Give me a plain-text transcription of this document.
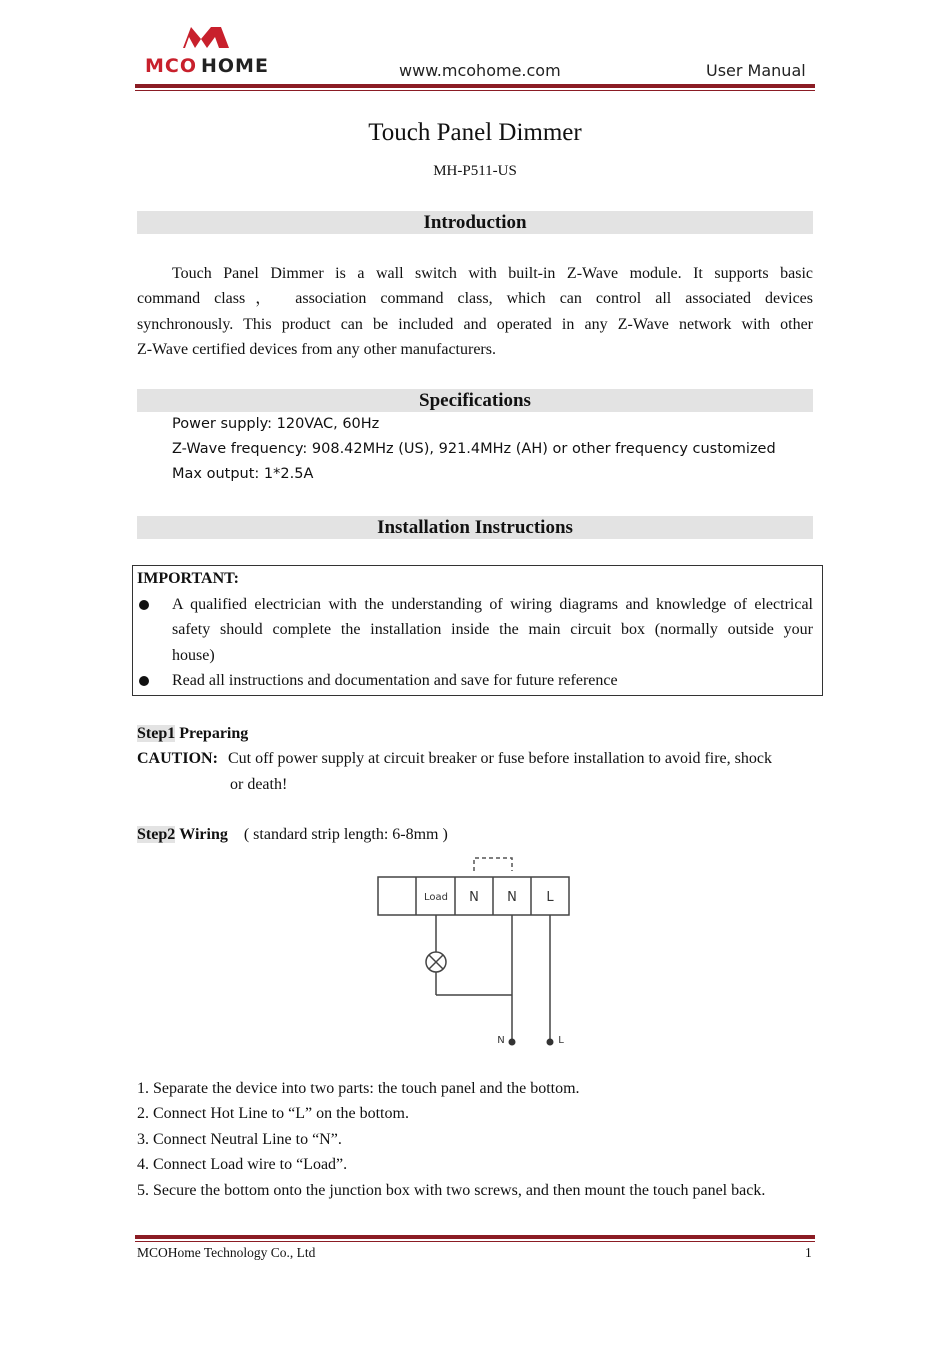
MCO HOME	www.mcohome.com	User Manual
Touch Panel Dimmer
MH-P511-US
Introduction
Touch Panel Dimmer is a wall switch with built-in Z-Wave module. It supports basic
command class， association command class, which can control all associated devices
synchronously. This product can be included and operated in any Z-Wave network with other
Z-Wave certified devices from any other manufacturers.
Specifications
Power supply: 120VAC, 60Hz
Z-Wave frequency: 908.42MHz (US), 921.4MHz (AH) or other frequency customized
Max output: 1*2.5A
Installation Instructions
IMPORTANT:
A qualified electrician with the understanding of wiring diagrams and knowledge of electrical
safety should complete the installation inside the main circuit box (normally outside your
house)
Read all instructions and documentation and save for future reference
Step1 Preparing
CAUTION: Cut off power supply at circuit breaker or fuse before installation to avoid fire, shock
or death!
Step2 Wiring ( standard strip length: 6-8mm )
Load N N L
N	L
1. Separate the device into two parts: the touch panel and the bottom.
2. Connect Hot Line to “L” on the bottom.
3. Connect Neutral Line to “N”.
4. Connect Load wire to “Load”.
5. Secure the bottom onto the junction box with two screws, and then mount the touch panel back.
MCOHome Technology Co., Ltd	1
